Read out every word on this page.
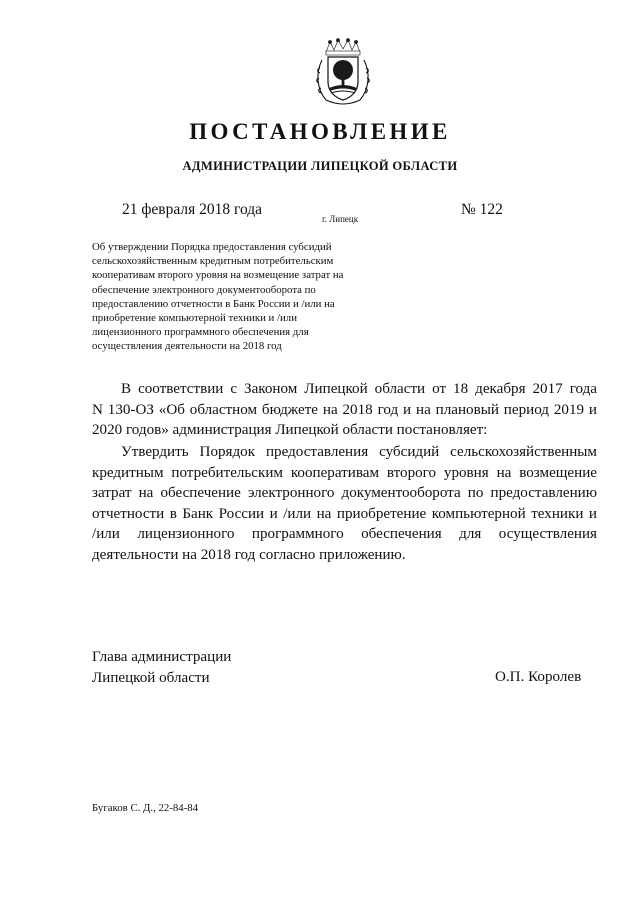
ПОСТАНОВЛЕНИЕ
АДМИНИСТРАЦИИ ЛИПЕЦКОЙ ОБЛАСТИ
21 февраля 2018 года
г. Липецк
№ 122
Об утверждении Порядка предоставления субсидий
сельскохозяйственным кредитным потребительским
кооперативам второго уровня на возмещение затрат на
обеспечение электронного документооборота по
предоставлению отчетности в Банк России и /или на
приобретение компьютерной техники и /или
лицензионного программного обеспечения для
осуществления деятельности на 2018 год
В соответствии с Законом Липецкой области от 18 декабря 2017 года
N 130-ОЗ «Об областном бюджете на 2018 год и на плановый период 2019 и
2020 годов» администрация Липецкой области постановляет:
Утвердить Порядок предоставления субсидий сельскохозяйственным
кредитным потребительским кооперативам второго уровня на возмещение
затрат на обеспечение электронного документооборота по предоставлению
отчетности в Банк России и /или на приобретение компьютерной техники и
/или лицензионного программного обеспечения для осуществления
деятельности на 2018 год согласно приложению.
Глава администрации
Липецкой области	О.П. Королев
Бугаков С. Д., 22-84-84
